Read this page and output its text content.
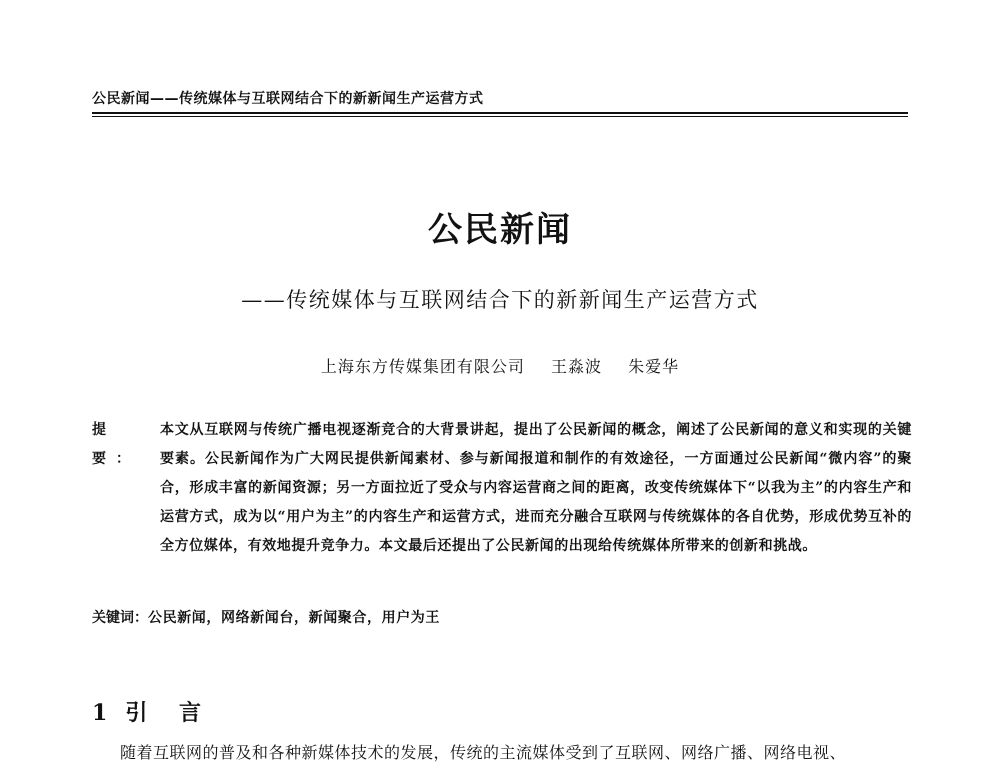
公民新闻——传统媒体与互联网结合下的新新闻生产运营方式
公民新闻
——传统媒体与互联网结合下的新新闻生产运营方式
上海东方传媒集团有限公司 王淼波 朱爱华
提 要：
本文从互联网与传统广播电视逐渐竞合的大背景讲起，提出了公民新闻的概念，阐述了公民新闻的意义和实现的关键要素。公民新闻作为广大网民提供新闻素材、参与新闻报道和制作的有效途径，一方面通过公民新闻“微内容”的聚合，形成丰富的新闻资源；另一方面拉近了受众与内容运营商之间的距离，改变传统媒体下“以我为主”的内容生产和运营方式，成为以“用户为主”的内容生产和运营方式，进而充分融合互联网与传统媒体的各自优势，形成优势互补的全方位媒体，有效地提升竞争力。本文最后还提出了公民新闻的出现给传统媒体所带来的创新和挑战。
关键词：公民新闻，网络新闻台，新闻聚合，用户为王
1 引 言
随着互联网的普及和各种新媒体技术的发展，传统的主流媒体受到了互联网、网络广播、网络电视、
